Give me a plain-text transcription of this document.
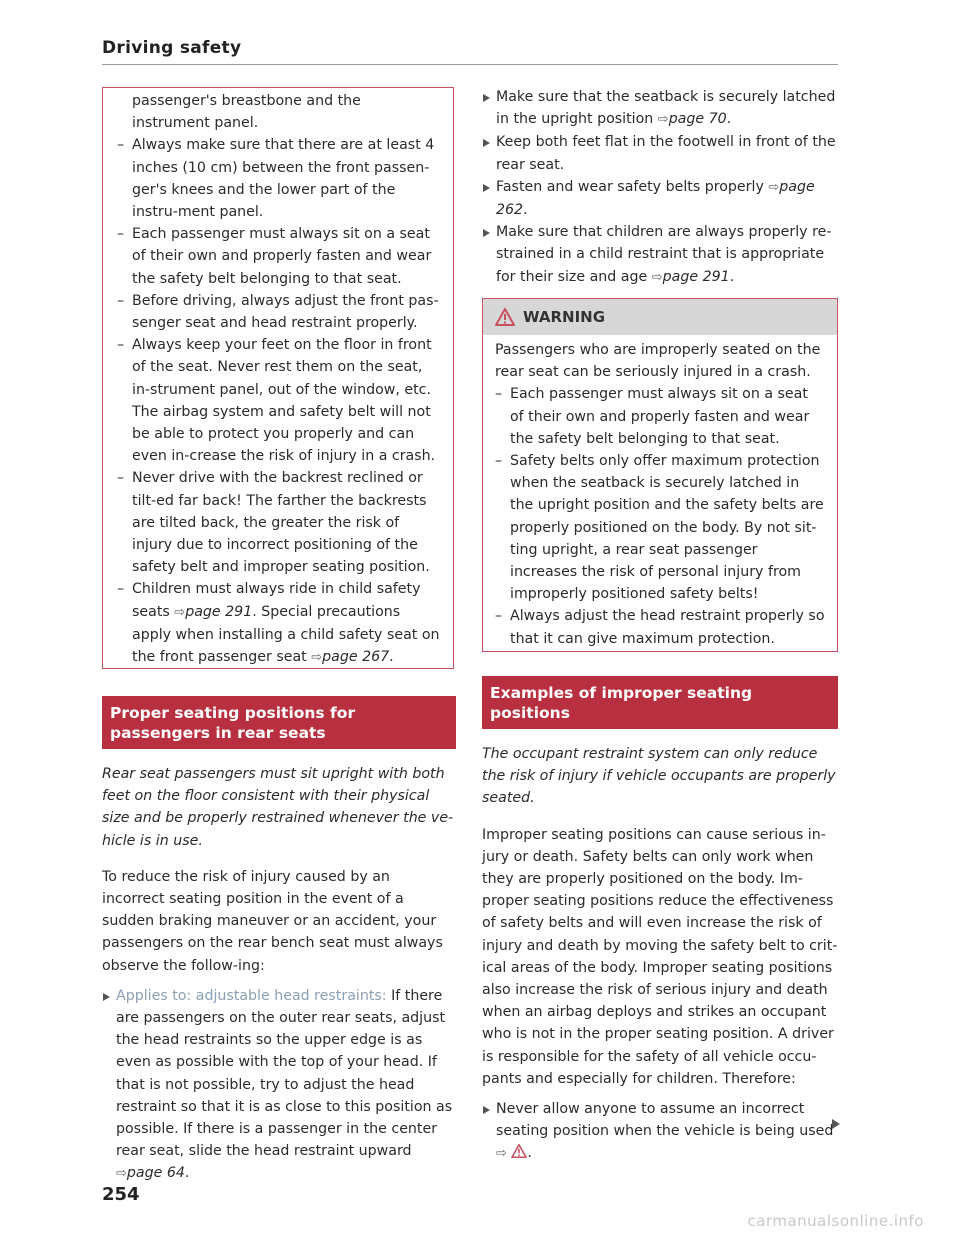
Driving safety

passenger's breastbone and the instrument panel.

– Always make sure that there are at least 4 inches (10 cm) between the front passen-ger's knees and the lower part of the instru-ment panel.

– Each passenger must always sit on a seat of their own and properly fasten and wear the safety belt belonging to that seat.

– Before driving, always adjust the front pas-senger seat and head restraint properly.

– Always keep your feet on the floor in front of the seat. Never rest them on the seat, in-strument panel, out of the window, etc. The airbag system and safety belt will not be able to protect you properly and can even in-crease the risk of injury in a crash.

– Never drive with the backrest reclined or tilt-ed far back! The farther the backrests are tilted back, the greater the risk of injury due to incorrect positioning of the safety belt and improper seating position.

– Children must always ride in child safety seats ⇨page 291. Special precautions apply when installing a child safety seat on the front passenger seat ⇨page 267.

Proper seating positions for passengers in rear seats

Rear seat passengers must sit upright with both feet on the floor consistent with their physical size and be properly restrained whenever the ve-hicle is in use.

To reduce the risk of injury caused by an incorrect seating position in the event of a sudden braking maneuver or an accident, your passengers on the rear bench seat must always observe the follow-ing:

Applies to: adjustable head restraints: If there are passengers on the outer rear seats, adjust the head restraints so the upper edge is as even as possible with the top of your head. If that is not possible, try to adjust the head restraint so that it is as close to this position as possible. If there is a passenger in the center rear seat, slide the head restraint upward ⇨page 64.

Make sure that the seatback is securely latched in the upright position ⇨page 70.

Keep both feet flat in the footwell in front of the rear seat.

Fasten and wear safety belts properly ⇨page 262.

Make sure that children are always properly re-strained in a child restraint that is appropriate for their size and age ⇨page 291.

WARNING

Passengers who are improperly seated on the rear seat can be seriously injured in a crash.

– Each passenger must always sit on a seat of their own and properly fasten and wear the safety belt belonging to that seat.

– Safety belts only offer maximum protection when the seatback is securely latched in the upright position and the safety belts are properly positioned on the body. By not sit-ting upright, a rear seat passenger increases the risk of personal injury from improperly positioned safety belts!

– Always adjust the head restraint properly so that it can give maximum protection.

Examples of improper seating positions

The occupant restraint system can only reduce the risk of injury if vehicle occupants are properly seated.

Improper seating positions can cause serious in-jury or death. Safety belts can only work when they are properly positioned on the body. Im-proper seating positions reduce the effectiveness of safety belts and will even increase the risk of injury and death by moving the safety belt to crit-ical areas of the body. Improper seating positions also increase the risk of serious injury and death when an airbag deploys and strikes an occupant who is not in the proper seating position. A driver is responsible for the safety of all vehicle occu-pants and especially for children. Therefore:

Never allow anyone to assume an incorrect seating position when the vehicle is being used ⇨ .

254
carmanualsonline.info
